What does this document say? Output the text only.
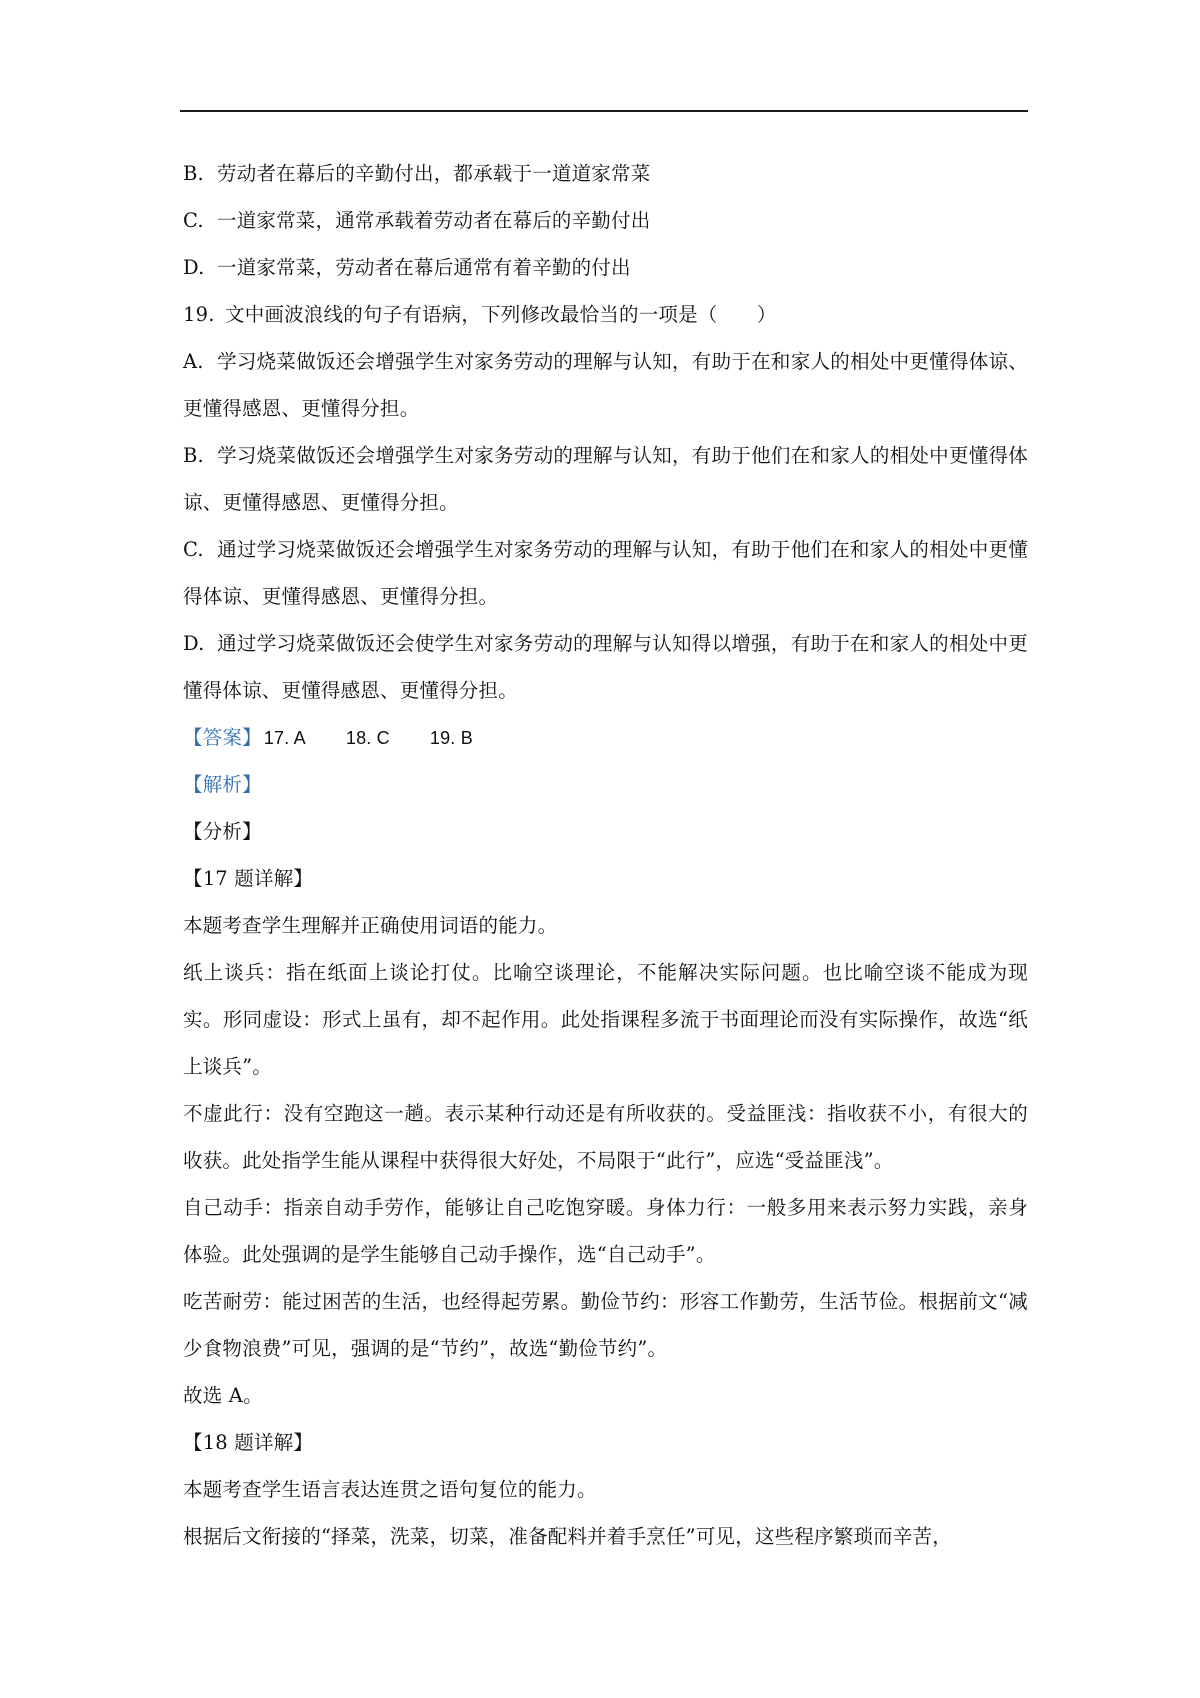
B. 劳动者在幕后的辛勤付出，都承载于一道道家常菜
C. 一道家常菜，通常承载着劳动者在幕后的辛勤付出
D. 一道家常菜，劳动者在幕后通常有着辛勤的付出
19. 文中画波浪线的句子有语病，下列修改最恰当的一项是（　　）
A. 学习烧菜做饭还会增强学生对家务劳动的理解与认知，有助于在和家人的相处中更懂得体谅、更懂得感恩、更懂得分担。
B. 学习烧菜做饭还会增强学生对家务劳动的理解与认知，有助于他们在和家人的相处中更懂得体谅、更懂得感恩、更懂得分担。
C. 通过学习烧菜做饭还会增强学生对家务劳动的理解与认知，有助于他们在和家人的相处中更懂得体谅、更懂得感恩、更懂得分担。
D. 通过学习烧菜做饭还会使学生对家务劳动的理解与认知得以增强，有助于在和家人的相处中更懂得体谅、更懂得感恩、更懂得分担。
【答案】 17. A 18. C 19. B
【解析】
【分析】
【17 题详解】
本题考查学生理解并正确使用词语的能力。
纸上谈兵：指在纸面上谈论打仗。比喻空谈理论，不能解决实际问题。也比喻空谈不能成为现实。形同虚设：形式上虽有，却不起作用。此处指课程多流于书面理论而没有实际操作，故选“纸上谈兵”。
不虚此行：没有空跑这一趟。表示某种行动还是有所收获的。受益匪浅：指收获不小，有很大的收获。此处指学生能从课程中获得很大好处，不局限于“此行”，应选“受益匪浅”。
自己动手：指亲自动手劳作，能够让自己吃饱穿暖。身体力行：一般多用来表示努力实践，亲身体验。此处强调的是学生能够自己动手操作，选“自己动手”。
吃苦耐劳：能过困苦的生活，也经得起劳累。勤俭节约：形容工作勤劳，生活节俭。根据前文“减少食物浪费”可见，强调的是“节约”，故选“勤俭节约”。
故选 A。
【18 题详解】
本题考查学生语言表达连贯之语句复位的能力。
根据后文衔接的“择菜，洗菜，切菜，准备配料并着手烹任”可见，这些程序繁琐而辛苦，
